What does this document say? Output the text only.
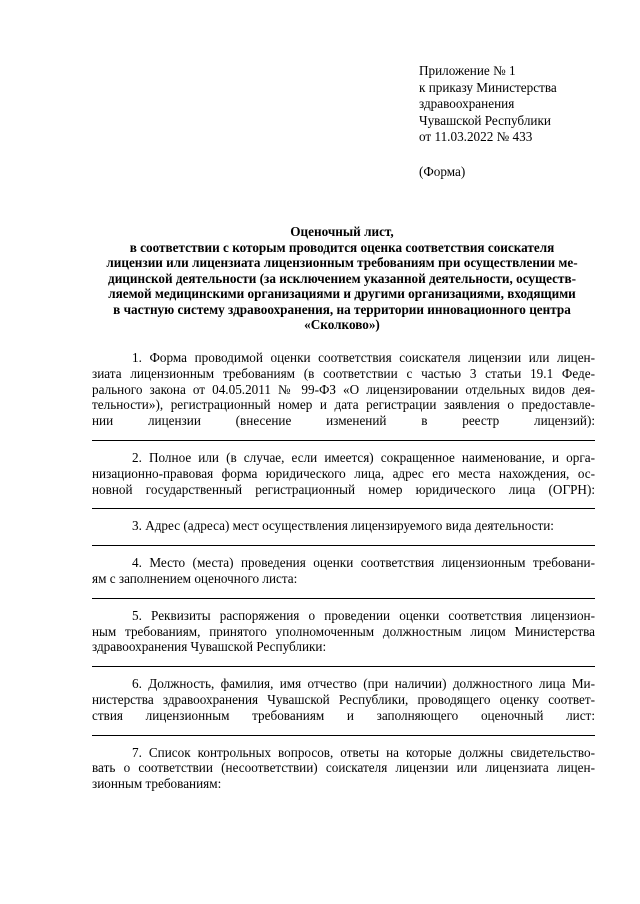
Приложение № 1
к приказу Министерства
здравоохранения
Чувашской Республики
от 11.03.2022 № 433
(Форма)
Оценочный лист,
в соответствии с которым проводится оценка соответствия соискателя
лицензии или лицензиата лицензионным требованиям при осуществлении ме-
дицинской деятельности (за исключением указанной деятельности, осуществ-
ляемой медицинскими организациями и другими организациями, входящими
в частную систему здравоохранения, на территории инновационного центра
«Сколково»)
1. Форма проводимой оценки соответствия соискателя лицензии или лицен-
зиата лицензионным требованиям (в соответствии с частью 3 статьи 19.1 Феде-
рального закона от 04.05.2011 № 99-ФЗ «О лицензировании отдельных видов дея-
тельности»), регистрационный номер и дата регистрации заявления о предоставле-
нии лицензии (внесение изменений в реестр лицензий):
2. Полное или (в случае, если имеется) сокращенное наименование, и орга-
низационно-правовая форма юридического лица, адрес его места нахождения, ос-
новной государственный регистрационный номер юридического лица (ОГРН):
3. Адрес (адреса) мест осуществления лицензируемого вида деятельности:
4. Место (места) проведения оценки соответствия лицензионным требовани-
ям с заполнением оценочного листа:
5. Реквизиты распоряжения о проведении оценки соответствия лицензион-
ным требованиям, принятого уполномоченным должностным лицом Министерства
здравоохранения Чувашской Республики:
6. Должность, фамилия, имя отчество (при наличии) должностного лица Ми-
нистерства здравоохранения Чувашской Республики, проводящего оценку соответ-
ствия лицензионным требованиям и заполняющего оценочный лист:
7. Список контрольных вопросов, ответы на которые должны свидетельство-
вать о соответствии (несоответствии) соискателя лицензии или лицензиата лицен-
зионным требованиям:
